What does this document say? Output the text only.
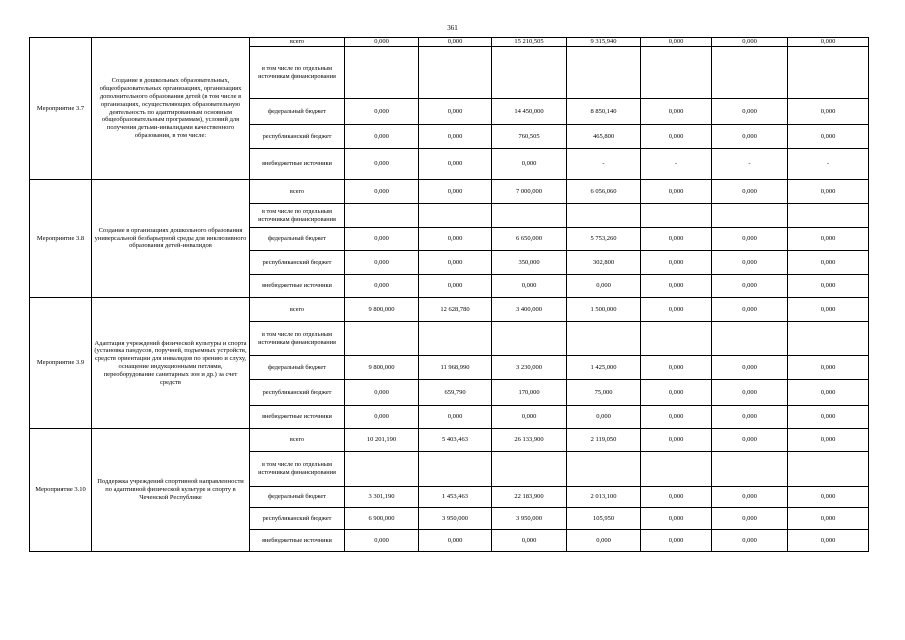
361
Мероприятие 3.7	Создание в дошкольных образовательных, общеобразовательных организациях, организациях дополнительного образования детей (в том числе в организациях, осуществляющих образовательную деятельность по адаптированным основным общеобразовательным программам), условий для получения детьми-инвалидами качественного образования, в том числе:	всего	0,000	0,000	15 210,505	9 315,940	0,000	0,000	0,000
		в том числе по отдельным источникам финансирования							
		федеральный бюджет	0,000	0,000	14 450,000	8 850,140	0,000	0,000	0,000
		республиканский бюджет	0,000	0,000	760,505	465,800	0,000	0,000	0,000
		внебюджетные источники	0,000	0,000	0,000	-	-	-	-
Мероприятие 3.8	Создание в организациях дошкольного образования универсальной безбарьерной среды для инклюзивного образования детей-инвалидов	всего	0,000	0,000	7 000,000	6 056,060	0,000	0,000	0,000
		в том числе по отдельным источникам финансирования							
		федеральный бюджет	0,000	0,000	6 650,000	5 753,260	0,000	0,000	0,000
		республиканский бюджет	0,000	0,000	350,000	302,800	0,000	0,000	0,000
		внебюджетные источники	0,000	0,000	0,000	0,000	0,000	0,000	0,000
Мероприятие 3.9	Адаптация учреждений физической культуры и спорта (установка пандусов, поручней, подъемных устройств, средств ориентации для инвалидов по зрению и слуху, оснащение индукционными петлями, переоборудование санитарных зон и др.) за счет средств	всего	9 800,000	12 628,780	3 400,000	1 500,000	0,000	0,000	0,000
		в том числе по отдельным источникам финансирования							
		федеральный бюджет	9 800,000	11 968,990	3 230,000	1 425,000	0,000	0,000	0,000
		республиканский бюджет	0,000	659,790	170,000	75,000	0,000	0,000	0,000
		внебюджетные источники	0,000	0,000	0,000	0,000	0,000	0,000	0,000
Мероприятие 3.10	Поддержка учреждений спортивной направленности по адаптивной физической культуре и спорту в Чеченской Республике	всего	10 201,190	5 403,463	26 133,900	2 119,050	0,000	0,000	0,000
		в том числе по отдельным источникам финансирования							
		федеральный бюджет	3 301,190	1 453,463	22 183,900	2 013,100	0,000	0,000	0,000
		республиканский бюджет	6 900,000	3 950,000	3 950,000	105,950	0,000	0,000	0,000
		внебюджетные источники	0,000	0,000	0,000	0,000	0,000	0,000	0,000
